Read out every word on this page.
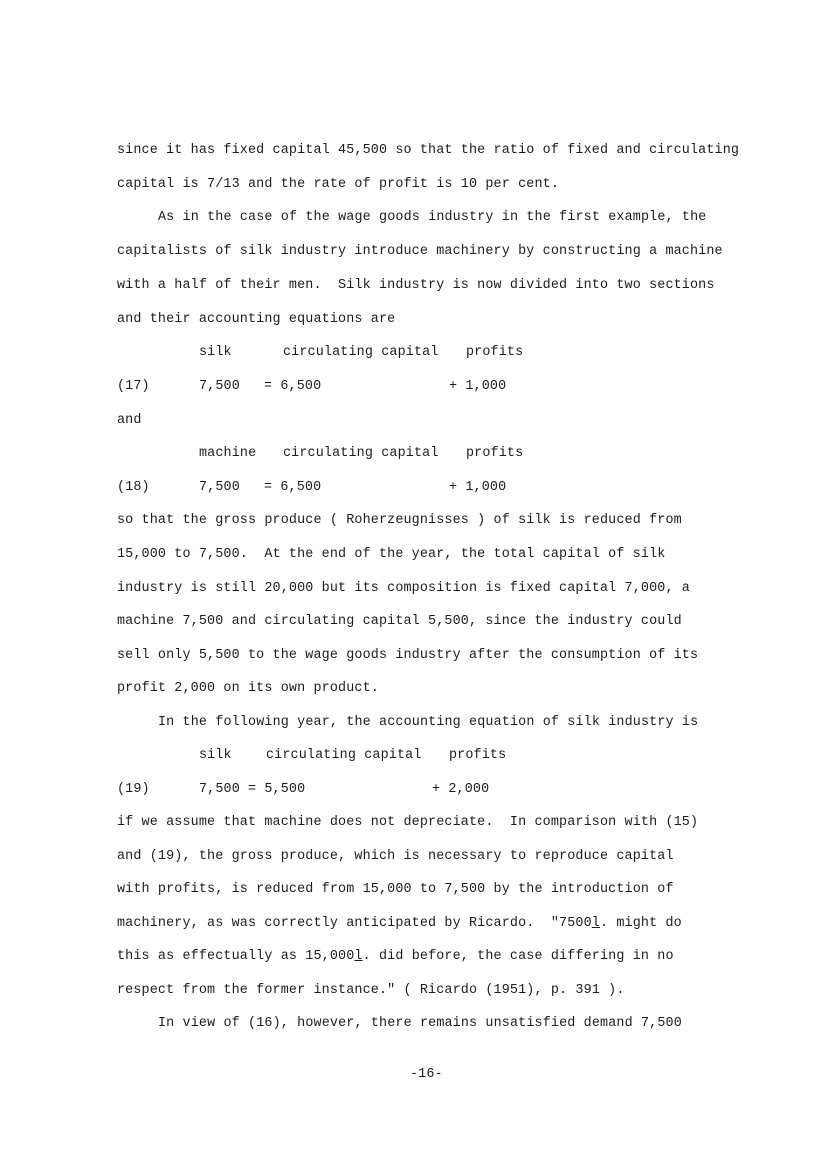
since it has fixed capital 45,500 so that the ratio of fixed and circulating
capital is 7/13 and the rate of profit is 10 per cent.
As in the case of the wage goods industry in the first example, the
capitalists of silk industry introduce machinery by constructing a machine
with a half of their men.  Silk industry is now divided into two sections
and their accounting equations are
silk	circulating capital profits
(17)	7,500 = 6,500	+ 1,000
and
machine circulating capital profits
(18)	7,500 = 6,500	+ 1,000
so that the gross produce ( Roherzeugnisses ) of silk is reduced from
15,000 to 7,500.  At the end of the year, the total capital of silk
industry is still 20,000 but its composition is fixed capital 7,000, a
machine 7,500 and circulating capital 5,500, since the industry could
sell only 5,500 to the wage goods industry after the consumption of its
profit 2,000 on its own product.
In the following year, the accounting equation of silk industry is
silk	circulating capital profits
(19)	7,500 = 5,500	+ 2,000
if we assume that machine does not depreciate.  In comparison with (15)
and (19), the gross produce, which is necessary to reproduce capital
with profits, is reduced from 15,000 to 7,500 by the introduction of
machinery, as was correctly anticipated by Ricardo.  "7500l. might do
this as effectually as 15,000l. did before, the case differing in no
respect from the former instance." ( Ricardo (1951), p. 391 ).
In view of (16), however, there remains unsatisfied demand 7,500
-16-
